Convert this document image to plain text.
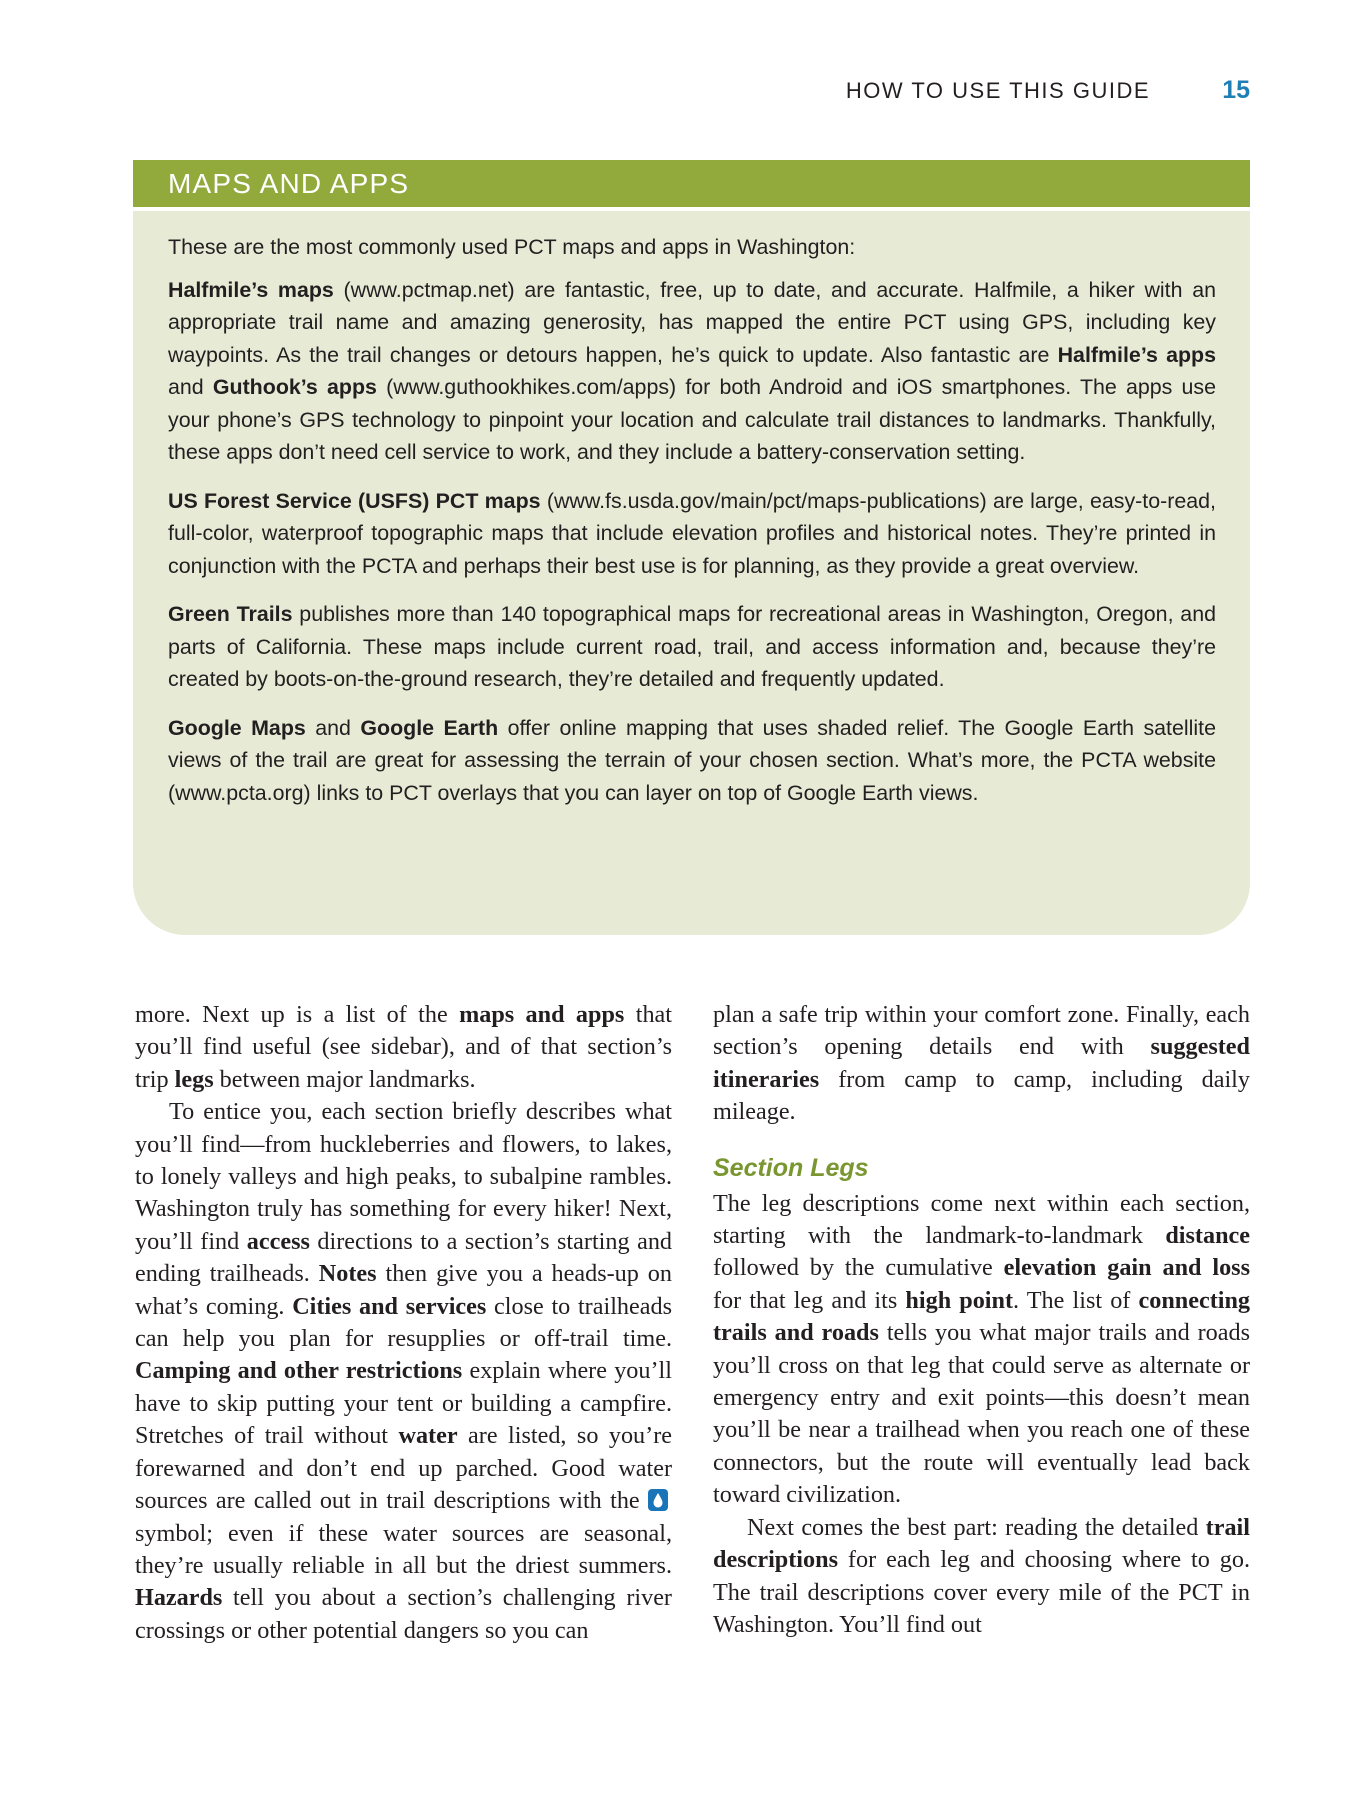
HOW TO USE THIS GUIDE	15
MAPS AND APPS

These are the most commonly used PCT maps and apps in Washington:

Halfmile’s maps (www.pctmap.net) are fantastic, free, up to date, and accurate. Halfmile, a hiker with an appropriate trail name and amazing generosity, has mapped the entire PCT using GPS, including key waypoints. As the trail changes or detours happen, he’s quick to update. Also fantastic are Halfmile’s apps and Guthook’s apps (www.guthookhikes.com/apps) for both Android and iOS smartphones. The apps use your phone’s GPS technology to pinpoint your location and calculate trail distances to landmarks. Thankfully, these apps don’t need cell service to work, and they include a battery-conservation setting.

US Forest Service (USFS) PCT maps (www.fs.usda.gov/main/pct/maps-publications) are large, easy-to-read, full-color, waterproof topographic maps that include elevation profiles and historical notes. They’re printed in conjunction with the PCTA and perhaps their best use is for planning, as they provide a great overview.

Green Trails publishes more than 140 topographical maps for recreational areas in Washington, Oregon, and parts of California. These maps include current road, trail, and access information and, because they’re created by boots-on-the-ground research, they’re detailed and frequently updated.

Google Maps and Google Earth offer online mapping that uses shaded relief. The Google Earth satellite views of the trail are great for assessing the terrain of your chosen section. What’s more, the PCTA website (www.pcta.org) links to PCT overlays that you can layer on top of Google Earth views.

more. Next up is a list of the maps and apps that you’ll find useful (see sidebar), and of that section’s trip legs between major landmarks.

To entice you, each section briefly describes what you’ll find—from huckleberries and flowers, to lakes, to lonely valleys and high peaks, to subalpine rambles. Washington truly has something for every hiker! Next, you’ll find access directions to a section’s starting and ending trailheads. Notes then give you a heads-up on what’s coming. Cities and services close to trailheads can help you plan for resupplies or off-trail time. Camping and other restrictions explain where you’ll have to skip putting your tent or building a campfire. Stretches of trail without water are listed, so you’re forewarned and don’t end up parched. Good water sources are called out in trail descriptions with the symbol; even if these water sources are seasonal, they’re usually reliable in all but the driest summers. Hazards tell you about a section’s challenging river crossings or other potential dangers so you can

plan a safe trip within your comfort zone. Finally, each section’s opening details end with suggested itineraries from camp to camp, including daily mileage.

Section Legs

The leg descriptions come next within each section, starting with the landmark-to-landmark distance followed by the cumulative elevation gain and loss for that leg and its high point. The list of connecting trails and roads tells you what major trails and roads you’ll cross on that leg that could serve as alternate or emergency entry and exit points—this doesn’t mean you’ll be near a trailhead when you reach one of these connectors, but the route will eventually lead back toward civilization.

Next comes the best part: reading the detailed trail descriptions for each leg and choosing where to go. The trail descriptions cover every mile of the PCT in Washington. You’ll find out
